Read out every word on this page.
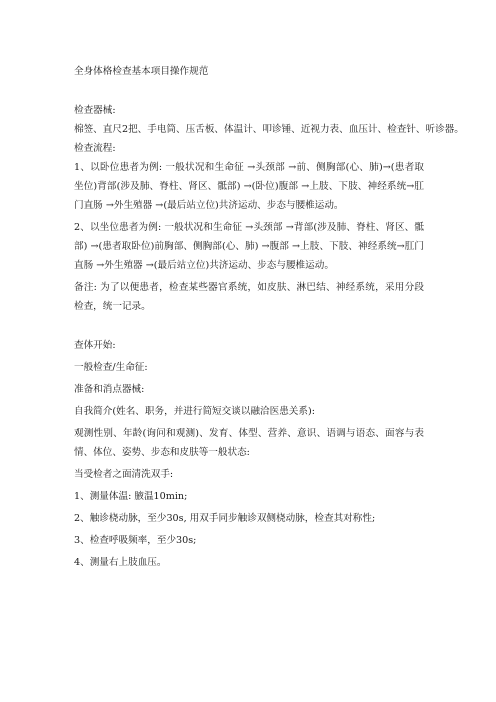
全身体格检查基本项目操作规范
检查器械:
棉签、直尺2把、手电筒、压舌板、体温计、叩诊锤、近视力表、血压计、检查针、听诊器。
检查流程:
1、以卧位患者为例: 一般状况和生命征 →头颈部 →前、侧胸部(心、肺)→(患者取坐位)背部(涉及肺、脊柱、肾区、骶部) →(卧位)腹部 →上肢、下肢、神经系统→肛门直肠 →外生殖器 →(最后站立位)共济运动、步态与腰椎运动。
2、以坐位患者为例: 一般状况和生命征 →头颈部 →背部(涉及肺、脊柱、肾区、骶部) →(患者取卧位)前胸部、侧胸部(心、肺) →腹部 →上肢、下肢、神经系统→肛门直肠 →外生殖器 →(最后站立位)共济运动、步态与腰椎运动。
备注: 为了以便患者，检查某些器官系统，如皮肤、淋巴结、神经系统，采用分段检查，统一记录。
查体开始:
一般检查/生命征:
准备和消点器械:
自我简介(姓名、职务，并进行简短交谈以融洽医患关系):
观测性别、年龄(询问和观测)、发育、体型、营养、意识、语调与语态、面容与表情、体位、姿势、步态和皮肤等一般状态:
当受检者之面清洗双手:
1、测量体温: 腋温10min;
2、触诊桡动脉，至少30s, 用双手同步触诊双侧桡动脉，检查其对称性;
3、检查呼吸频率，至少30s;
4、测量右上肢血压。
